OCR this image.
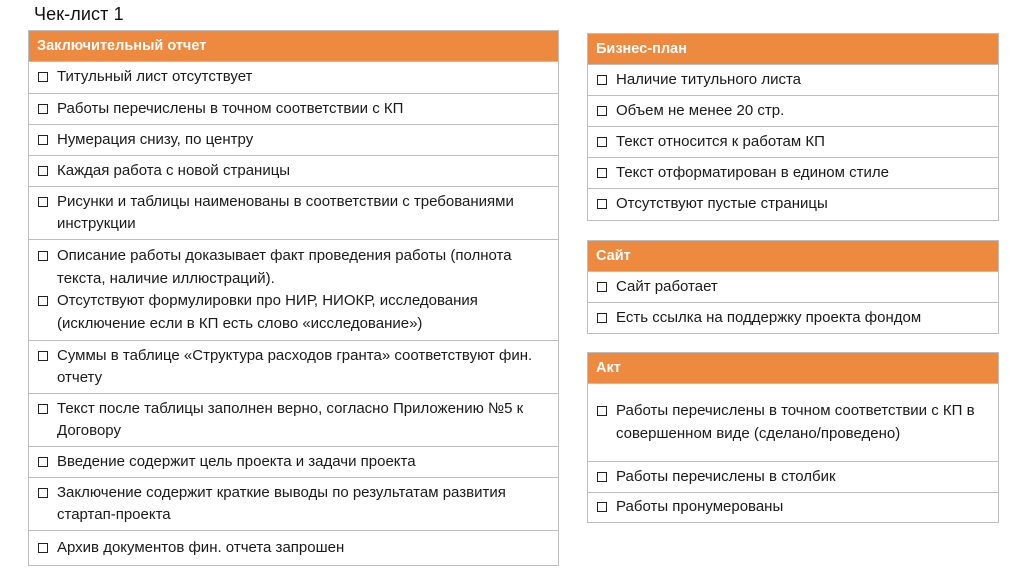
Чек-лист 1
Заключительный отчет
Титульный лист отсутствует
Работы перечислены в точном соответствии с КП
Нумерация снизу, по центру
Каждая работа с новой страницы
Рисунки и таблицы наименованы в соответствии с требованиями инструкции
Описание работы доказывает факт проведения работы (полнота текста, наличие иллюстраций).
Отсутствуют формулировки про НИР, НИОКР, исследования (исключение если в КП есть слово «исследование»)
Суммы в таблице «Структура расходов гранта» соответствуют фин. отчету
Текст после таблицы заполнен верно, согласно Приложению №5 к Договору
Введение содержит цель проекта и задачи проекта
Заключение содержит краткие выводы по результатам развития стартап-проекта
Архив документов фин. отчета запрошен
Бизнес-план
Наличие титульного листа
Объем не менее 20 стр.
Текст относится к работам КП
Текст отформатирован в едином стиле
Отсутствуют пустые страницы
Сайт
Сайт работает
Есть ссылка на поддержку проекта фондом
Акт
Работы перечислены в точном соответствии с КП в совершенном виде (сделано/проведено)
Работы перечислены в столбик
Работы пронумерованы
